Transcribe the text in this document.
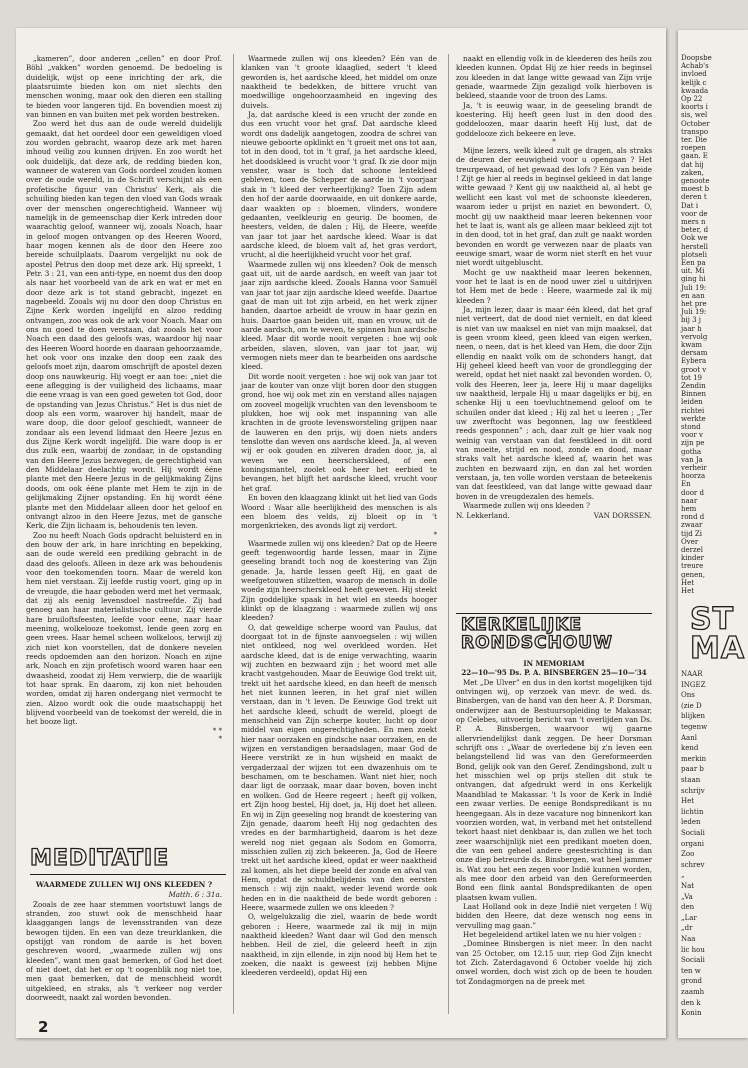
„kameren”, door anderen „cellen” en door Prof. Böhl „vakken” worden genoemd. De bedoeling is duidelijk, wijst op eene inrichting der ark, die plaatsruimte bieden kon om niet slechts den menschen woning, maar ook den dieren een stalling te bieden voor langeren tijd. En bovendien moest zij van binnen en van buiten met pek worden bestreken.

Zoo werd het dus aan de oude wereld duidelijk gemaakt, dat het oordeel door een geweldigen vloed zou worden gebracht, waarop deze ark met haren inhoud veilig zou kunnen drijven. En zoo wordt het ook duidelijk, dat deze ark, de redding bieden kon, wanneer de wateren van Gods oordeel zouden komen over de oude wereld, in de Schrift verschijnt als een profetische figuur van Christus' Kerk, als die schuiling bieden kan tegen den vloed van Gods wraak over der menschen ongerechtigheid. Wanneer wij namelijk in de gemeenschap dier Kerk intreden door waarachtig geloof, wanneer wij, zooals Noach, haar in geloof mogen ontvangen op des Heeren Woord, haar mogen kennen als de door den Heere zoo bereide schuilplaats. Daarom vergelijkt nu ook de apostel Petrus den doop met deze ark. Hij spreekt, 1 Petr. 3 : 21, van een anti-type, en noemt dus den doop als naar het voorbeeld van de ark en wat er met en door deze ark is tot stand gebracht, ingezet en nagebeeld. Zooals wij nu door den doop Christus en Zijne Kerk worden ingelijfd en alzoo redding ontvangen, zoo was ook de ark voor Noach. Maar om ons nu goed te doen verstaan, dat zooals het voor Noach een daad des geloofs was, waardoor hij naar des Heeren Woord hoorde en daaraan gehoorzaamde, het ook voor ons inzake den doop een zaak des geloofs moet zijn, daarom omschrijft de apostel dezen doop ons nauwkeurig. Hij voegt er aan toe: „niet die eene aflegging is der vuiligheid des lichaams, maar die eene vraag is van een goed geweten tot God, door de opstanding van Jezus Christus.” Het is dus niet de doop als een vorm, waarover hij handelt, maar de ware doop, die door geloof geschiedt, wanneer de zondaar als een levend lidmaat den Heere Jezus en dus Zijne Kerk wordt ingelijfd. Die ware doop is er dus zulk een, waarbij de zondaar, in de opstanding van den Heere Jezus bezwegen, de gerechtigheid van den Middelaar deelachtig wordt. Hij wordt ééne plante met den Heere Jezus in de gelijkmaking Zijns doods, om ook ééne plante met Hem te zijn in de gelijkmaking Zijner opstanding. En hij wordt ééne plante met den Middelaar alleen door het geloof en ontvangt alzoo in den Heere Jezus, met de gansche Kerk, die Zijn lichaam is, behoudenis ten leven.

Zoo nu heeft Noach Gods opdracht beluisterd en in den bouw der ark, in hare inrichting en bepekking, aan de oude wereld een prediking gebracht in de daad des geloofs. Alleen in deze ark was behoudenis voor den toekomenden toorn. Maar de wereld kon hem niet verstaan. Zij leefde rustig voort, ging op in de vreugde, die haar geboden werd met het vermaak, dat zij als eenig levensdoel nastreefde. Zij had genoeg aan haar materialistische cultuur. Zij vierde hare bruiloftsfeesten, leefde voor eene, naar haar meening, wolkelooze toekomst, lende geen zorg en geen vrees. Haar hemel scheen wolkeloos, terwijl zij zich niet kon voorstellen, dat de donkere nevelen reeds opdoemden aan den horizon. Noach en zijne ark, Noach en zijn profetisch woord waren haar een dwaasheid, zoodat zij Hem verwierp, die de waarlijk tot haar sprak. En daarom, zij kon niet behouden worden, omdat zij haren ondergang niet vermocht te zien. Alzoo wordt ook die oude maatschappij het blijvend voorbeeld van de toekomst der wereld, die in het booze ligt.

* *
*
MEDITATIE
WAARMEDE ZULLEN WIJ ONS KLEEDEN ?
Matth. 6 : 31a.

Zooals de zee haar stemmen voortstuwt langs de stranden, zoo stuwt ook de menschheid haar klaaggangen langs de levensstranden van deze bewogen tijden. En een van deze treurklanken, die opstijgt van rondom de aarde is het boven geschreven woord, „waarmede zullen wij ons kleeden”, want men gaat bemerken, of God het doet of niet doet, dat het er op 't oogenblik nog niet toe, men gaat bemerken, dat de menschheid wordt uitgekleed, en straks, als 't verkeer nog verder doorweedt, naakt zal worden bevonden.

2

Waarmede zullen wij ons kleeden? Eén van de klanken van 't groote klaaglied, sedert 't kleed geworden is, het aardsche kleed, het middel om onze naaktheid te bedekken, de bittere vrucht van moedwillige ongehoorzaamheid en ingeving des duivels.

Ja, dat aardsche kleed is een vrucht der zonde en dus een vrucht voor het graf. Dat aardsche kleed wordt ons dadelijk aangetogen, zoodra de schrei van nieuwe geboorte opklinkt en 't groeit met ons tot aan, tot in den dood, tot in 't graf, ja het aardsche kleed, het doodskleed is vrucht voor 't graf. Ik zie door mijn venster, waar is toch dat schoone lentekleed gebleven, toen de Schepper de aarde in 't voorjaar stak in 't kleed der verheerlijking? Toen Zijn adem den hof der aarde doorwaaide, en uit donkere aarde, daar waakten op : bloemen, vlinders, wondere gedaanten, veelkleurig en geurig. De boomen, de heesters, velden, de dalen ; Hij, de Heere, weefde van jaar tot jaar het aardsche kleed. Waar is dat aardsche kleed, de bloem valt af, het gras verdort, vrucht, al die heerlijkheid vrucht voor het graf.

Waarmede zullen wij ons kleeden? Ook de mensch gaat uit, uit de aarde aardsch, en weeft van jaar tot jaar zijn aardsche kleed. Zooals Hanna voor Samuël van jaar tot jaar zijn aardsche kleed weefde. Daartoe gaat de man uit tot zijn arbeid, en het werk zijner handen, daartoe arbeidt de vrouw in haar gezin en huis. Daartoe gaan beiden uit, man en vrouw, uit de aarde aardsch, om te weven, te spinnen hun aardsche kleed. Maar dit worde nooit vergeten : hoe wij ook arbeiden, slaven, sloven, van jaar tot jaar, wij vermogen niets meer dan te bearbeiden ons aardsche kleed.

Dit worde nooit vergeten : hoe wij ook van jaar tot jaar de kouter van onze vlijt boren door den stuggen grond, hoe wij ook met zin en verstand alles najagen om zooveel mogelijk vruchten van den levensboom te plukken, hoe wij ook met inspanning van alle krachten in de groote levensworsteling grijpen naar de lauweren en den prijs, wij doen niets anders tenslotte dan weven ons aardsche kleed. Ja, al weven wij er ook gouden en zilveren draden door, ja, al weven we een heerscherskleed, of een koningsmantel, zoolet ook heer het eerbied te bevangen, het blijft het aardsche kleed, vrucht voor het graf.

En boven den klaagzang klinkt uit het lied van Gods Woord : Waar alle heerlijkheid des menschen is als een bloem des velds, zij bloeit op in 't morgenkrieken, des avonds ligt zij verdort.

*

Waarmede zullen wij ons kleeden? Dat op de Heere geeft tegenwoordig harde lessen, maar in Zijne geeseling brandt toch nog de koestering van Zijn genade. Ja, harde lessen geeft Hij, en gaat de weefgetouwen stilzetten, waarop de mensch in dolle woede zijn heerscherskleed heeft geweven. Hij steekt Zijn goddelijke spaak in het wiel en steeds hooger klinkt op de klaagzang : waarmede zullen wij ons kleeden?

O, dat geweldige scherpe woord van Paulus, dat doorgaat tot in de fijnste aanvoegselen : wij willen niet ontkleed, nog wel overkleed worden. Het aardsche kleed, dat is de enige verwachting, waarin wij zuchten en bezwaard zijn ; het woord met alle kracht vastgehouden. Maar de Eeuwige God trekt uit, trekt uit het aardsche kleed, en dan heeft de mensch het niet kunnen leeren, in het graf niet willen verstaan, dan in 't leven. De Eeuwige God trekt uit het aardsche kleed, schudt de wereld, ploegt de menschheid van Zijn scherpe kouter, lucht op door middel van eigen ongerechtigheden. En men zoekt hier naar oorzaken en gindsche naar oorzaken, en de wijzen en verstandigen beraadslagen, maar God de Heere verstrikt ze in hun wijsheid en maakt de vergaderzaal der wijzen tot een dwazenhuis om te beschamen, om te beschamen. Want niet hier, noch daar ligt de oorzaak, maar daar boven, boven incht en wolken. God de Heere regeert ; heeft gij volken, ert Zijn hoog bestel, Hij doet, ja, Hij doet het alleen. En wij in Zijn geeseling nog brandt de koestering van Zijn genade, daarom heeft Hij nog gedachten des vredes en der barmhartigheid, daarom is het deze wereld nog niet gegaan als Sodom en Gomorra, misschien zullen zij zich bekeeren. Ja, God de Heere trekt uit het aardsche kleed, opdat er weer naaktheid zal komen, als het diepe beeld der zonde en afval van Hem, opdat de schuldbelijdenis van den eersten mensch : wij zijn naakt, weder levend worde ook heden en in die naaktheid de bede wordt geboren : Heere, waarmede zullen we ons kleeden ?

O, welgelukzalig die ziel, waarin de bede wordt geboren : Heere, waarmede zal ik mij in mijn naaktheid kleeden? Want daar wil God den mensch hebben. Heil de ziel, die geleerd heeft in zijn naaktheid, in zijn ellende, in zijn nood bij Hem het te zoeken, die naakt is geweest (zij hebben Mijne kleederen verdeeld), opdat Hij een

naakt en ellendig volk in de kleederen des heils zou kleeden kunnen. Opdat Hij ze hier reeds in beginsel zou kleeden in dat lange witte gewaad van Zijn vrije genade, waarmede Zijn gezaligd volk hierboven is bekleed, staande voor de troon des Lams.

Ja, 't is eeuwig waar, in de geeseling brandt de koestering. Hij heeft geen lust in den dood des goddeloozen, maar daarin heeft Hij lust, dat de goddelooze zich bekeere en leve.

*

Mijne lezers, welk kleed zult ge dragen, als straks de deuren der eeuwigheid voor u opengaan ? Het treurgewaad, of het gewaad des lofs ? Eén van beide ! Zijt ge hier al reeds in beginsel gekleed in dat lange witte gewaad ? Kent gij uw naaktheid al, al hebt ge wellicht een kast vol met de schoonste kleederen, waarom ieder u prijst en naziet en bewondert. O, mocht gij uw naaktheid maar leeren bekennen voor het te laat is, want als ge alleen maar bekleed zijt tot in den dood, tot in het graf, dan zult ge naakt worden bevonden en wordt ge verwezen naar de plaats van eeuwige smart, waar de worm niet sterft en het vuur niet wordt uitgebluscht.

Mocht ge uw naaktheid maar leeren bekennen, voor het te laat is en de nood uwer ziel u uitdrijven tot Hem met de bede : Heere, waarmede zal ik mij kleeden ?

Ja, mijn lezer, daar is maar één kleed, dat het graf niet verteert, dat de dood niet vernielt, en dat kleed is niet van uw maaksel en niet van mijn maaksel, dat is geen vroom kleed, geen kleed van eigen werken, neen, o neen, dat is het kleed van Hem, die door Zijn ellendig en naakt volk om de schonders hangt, dat Hij geheel kleed heeft van voor de grondlegging der wereld, opdat het niet naakt zal bevonden worden. O, volk des Heeren, leer ja, leere Hij u maar dagelijks uw naaktheid, lerpale Hij u maar dagelijks er bij, en schenke Hij u een toevluchtnemend geloof om te schuilen onder dat kleed ; Hij zal het u leeren ; „Ter uw zwerftocht was begonnen, lag uw feestkleed reeds gesponnen” ; ach, daar zult ge hier vaak nog weinig van verstaan van dat feestkleed in dit oord van moeite, strijd en nood, zonde en dood, maar straks valt het aardsche kleed af, waarin het was zuchten en bezwaard zijn, en dan zal het worden verstaan, ja, ten volle worden verstaan de beteekenis van dat feestkleed, van dat lange witte gewaad daar boven in de vreugdezalen des hemels.

Waarmede zullen wij ons kleeden ?

N. Lekkerland.	VAN DORSSEN.
KERKELIJKE
RONDSCHOUW
IN MEMORIAM
22—10—'95 Ds. P. A. BINSBERGEN 25—10—'34

Met „De Ulver” en dus in den kortst mogelijken tijd ontvingen wij, op verzoek van mevr. de wed. ds. Binsbergen, van de hand van den heer A. P. Dorsman, onderwijzer aan de Bestuursopleiding te Makassar, op Celebes, uitvoerig bericht van 't overlijden van Ds. P. A. Binsbergen, waarvoor wij gaarne allervriendelijkst dank zeggen. De heer Dorsman schrijft ons : „Waar de overledene bij z'n leven een belangstellend lid was van den Gereformeerden Bond, gelijk ook van den Geref. Zendingsbond, zult u het misschien wel op prijs stellen dit stuk te ontvangen, dat afgedrukt werd in ons Kerkelijk Maandblad te Makassar. 't Is voor de Kerk in Indië een zwaar verlies. De eenige Bondspredikant is nu heengegaan. Als in deze vacature nog binnenkort kan voorzien worden, wat, in verband met het ontstellend tekort haast niet denkbaar is, dan zullen we het toch zeer waarschijnlijk niet een predikant moeten doen, die van een geheel andere geestesrichting is dan onze diep betreurde ds. Binsbergen, wat heel jammer is. Wat zou het een zegen voor Indië kunnen worden, als mee door den arbeid van den Gereformeerden Bond een flink aantal Bondspredikanten de open plaatsen kwam vullen.

Laat Holland ook in deze Indië niet vergeten ! Wij bidden den Heere, dat deze wensch nog eens in vervulling mag gaan.”

Het begeleidend artikel laten we nu hier volgen :

„Dominee Binsbergen is niet meer. In den nacht van 25 October, om 12.15 uur, riep God Zijn knecht tot Zich. Zaterdagavond 6 October voelde hij zich onwel worden, doch wist zich op de been te houden tot Zondagmorgen na de preek met

Doopsbe
Achab's
invloed
kelijk c
kwaada
Op 22
koorts i
sis, wel
October
transpo
ter. Die
roepen
gaan. E
dat hij
zaken,
genoote
moest b
deren t
Dat i
voor de
mers n
beter, d
Ook we
herstell
plotseli
Een pa
uit. Mi
ging hi
Juli 19:
en aan
het pre
Juli 19:
bij 3 j
jaar h
vervolg
kwam
dersam
Eybera
groot v
tot 19
Zendin
Binnen
leiden
richtei
werkte
stond
voor v
zijn pe
gotha
van Ja
verheir
hoorza
En
door d
naar
hem
rond d
zwaar
tijd Zi
Over
derzel
kinder
treure
genen,
Het
Het
ST
MA
NAAR
INGEZ
Ons
(zie D
blijken
tegenw
Aanl
kend
merkin
paar b
staan
schrijv
Het
lichtin
leden
Sociali
organi
Zoo
schrev
„
Nat
„Va
den
„Lar
„dr
Naa
lic hou
Sociali
ten w
grond
zaamh
den k
Konin
